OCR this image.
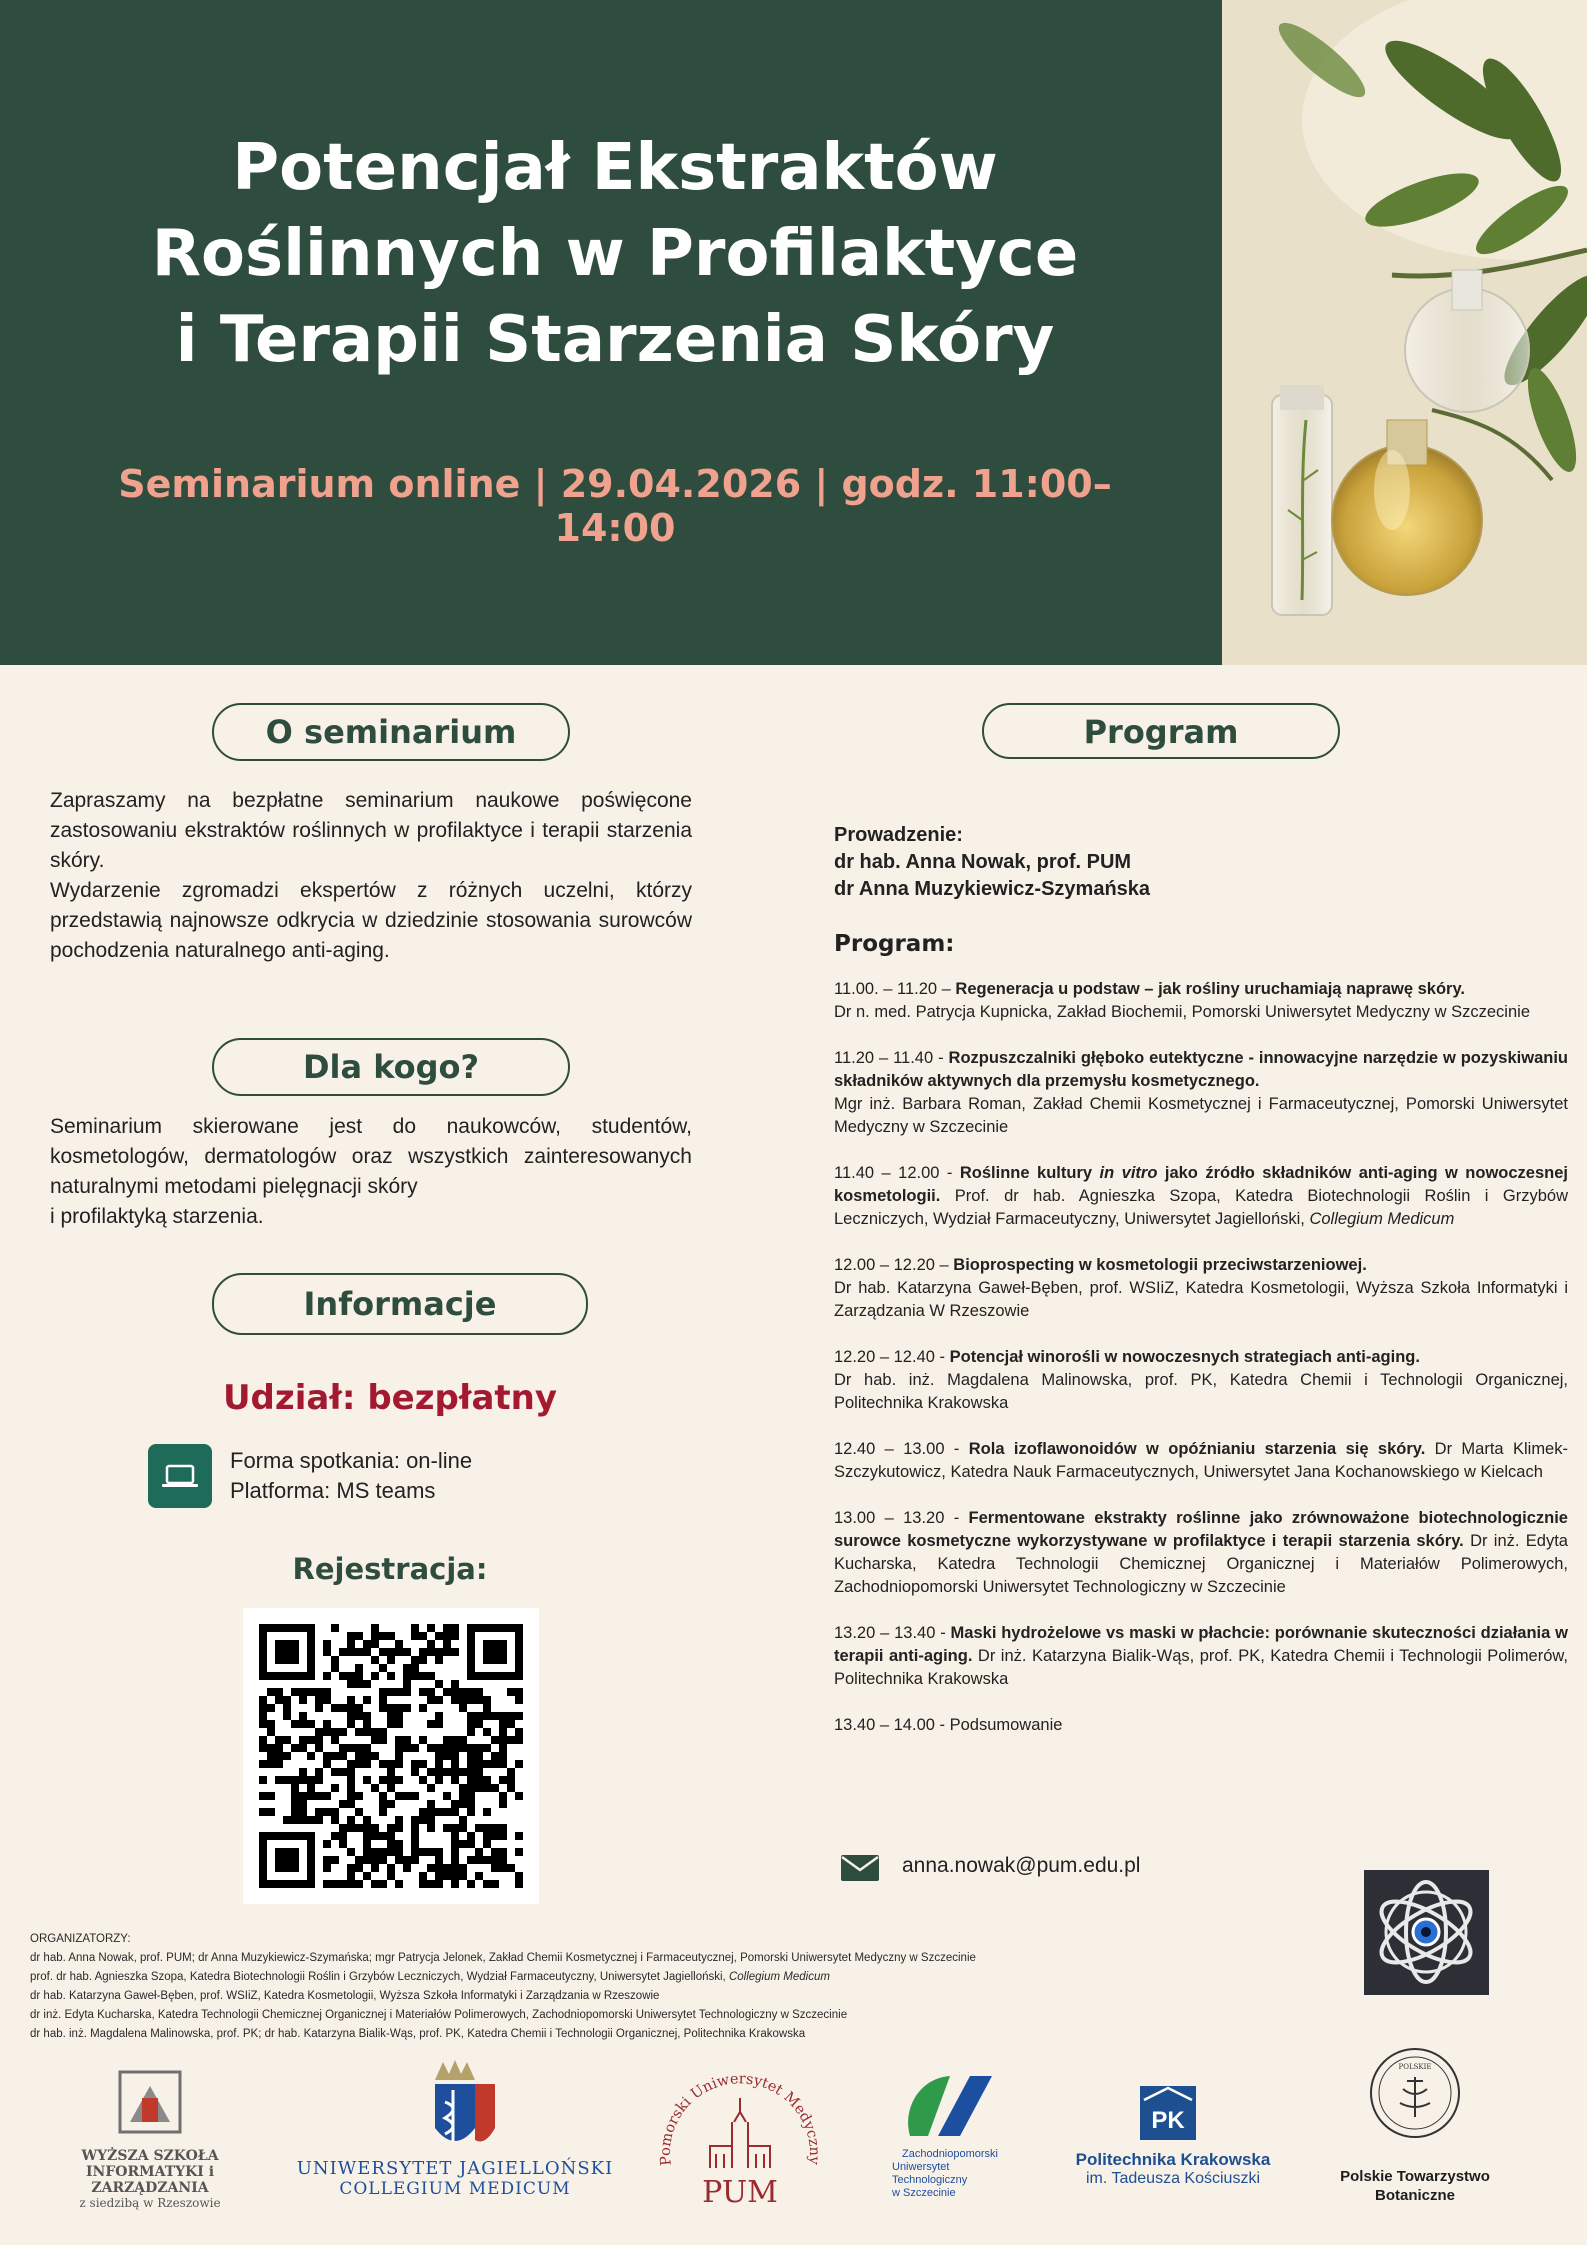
Potencjał Ekstraktów
Roślinnych w Profilaktyce
i Terapii Starzenia Skóry
Seminarium online | 29.04.2026 | godz. 11:00–14:00
O seminarium

Zapraszamy na bezpłatne seminarium naukowe poświęcone zastosowaniu ekstraktów roślinnych w profilaktyce i terapii starzenia skóry.

Wydarzenie zgromadzi ekspertów z różnych uczelni, którzy przedstawią najnowsze odkrycia w dziedzinie stosowania surowców pochodzenia naturalnego anti-aging.

Dla kogo?

Seminarium skierowane jest do naukowców, studentów, kosmetologów, dermatologów oraz wszystkich zainteresowanych naturalnymi metodami pielęgnacji skóry

i profilaktyką starzenia.
Informacje
Udział: bezpłatny
Forma spotkania: on-line
Platforma: MS teams
Rejestracja:
Program
Prowadzenie:
dr hab. Anna Nowak, prof. PUM
dr Anna Muzykiewicz-Szymańska
Program:
11.00. – 11.20 – Regeneracja u podstaw – jak rośliny uruchamiają naprawę skóry.
Dr n. med. Patrycja Kupnicka, Zakład Biochemii, Pomorski Uniwersytet Medyczny w Szczecinie
11.20 – 11.40 - Rozpuszczalniki głęboko eutektyczne - innowacyjne narzędzie w pozyskiwaniu składników aktywnych dla przemysłu kosmetycznego.
Mgr inż. Barbara Roman, Zakład Chemii Kosmetycznej i Farmaceutycznej, Pomorski Uniwersytet Medyczny w Szczecinie
11.40 – 12.00 - Roślinne kultury in vitro jako źródło składników anti-aging w nowoczesnej kosmetologii. Prof. dr hab. Agnieszka Szopa, Katedra Biotechnologii Roślin i Grzybów Leczniczych, Wydział Farmaceutyczny, Uniwersytet Jagielloński, Collegium Medicum
12.00 – 12.20 – Bioprospecting w kosmetologii przeciwstarzeniowej.
Dr hab. Katarzyna Gaweł-Bęben, prof. WSIiZ, Katedra Kosmetologii, Wyższa Szkoła Informatyki i Zarządzania W Rzeszowie
12.20 – 12.40 - Potencjał winorośli w nowoczesnych strategiach anti-aging.
Dr hab. inż. Magdalena Malinowska, prof. PK, Katedra Chemii i Technologii Organicznej, Politechnika Krakowska
12.40 – 13.00 - Rola izoflawonoidów w opóźnianiu starzenia się skóry. Dr Marta Klimek-Szczykutowicz, Katedra Nauk Farmaceutycznych, Uniwersytet Jana Kochanowskiego w Kielcach
13.00 – 13.20 - Fermentowane ekstrakty roślinne jako zrównoważone biotechnologicznie surowce kosmetyczne wykorzystywane w profilaktyce i terapii starzenia skóry. Dr inż. Edyta Kucharska, Katedra Technologii Chemicznej Organicznej i Materiałów Polimerowych, Zachodniopomorski Uniwersytet Technologiczny w Szczecinie
13.20 – 13.40 - Maski hydrożelowe vs maski w płachcie: porównanie skuteczności działania w terapii anti-aging. Dr inż. Katarzyna Bialik-Wąs, prof. PK, Katedra Chemii i Technologii Polimerów, Politechnika Krakowska
13.40 – 14.00 - Podsumowanie
anna.nowak@pum.edu.pl
ORGANIZATORZY:
dr hab. Anna Nowak, prof. PUM; dr Anna Muzykiewicz-Szymańska; mgr Patrycja Jelonek, Zakład Chemii Kosmetycznej i Farmaceutycznej, Pomorski Uniwersytet Medyczny w Szczecinie
prof. dr hab. Agnieszka Szopa, Katedra Biotechnologii Roślin i Grzybów Leczniczych, Wydział Farmaceutyczny, Uniwersytet Jagielloński, Collegium Medicum
dr hab. Katarzyna Gaweł-Bęben, prof. WSIiZ, Katedra Kosmetologii, Wyższa Szkoła Informatyki i Zarządzania w Rzeszowie
dr inż. Edyta Kucharska, Katedra Technologii Chemicznej Organicznej i Materiałów Polimerowych, Zachodniopomorski Uniwersytet Technologiczny w Szczecinie
dr hab. inż. Magdalena Malinowska, prof. PK; dr hab. Katarzyna Bialik-Wąs, prof. PK, Katedra Chemii i Technologii Organicznej, Politechnika Krakowska
WYŻSZA SZKOŁA
INFORMATYKI i ZARZĄDZANIA
z siedzibą w Rzeszowie
UNIWERSYTET JAGIELLOŃSKI
COLLEGIUM MEDICUM
Pomorski Uniwersytet Medyczny
PUM
Zachodniopomorski
Uniwersytet
Technologiczny
w Szczecinie
PK
Politechnika Krakowska
im. Tadeusza Kościuszki
POLSKIE
Polskie Towarzystwo
Botaniczne
